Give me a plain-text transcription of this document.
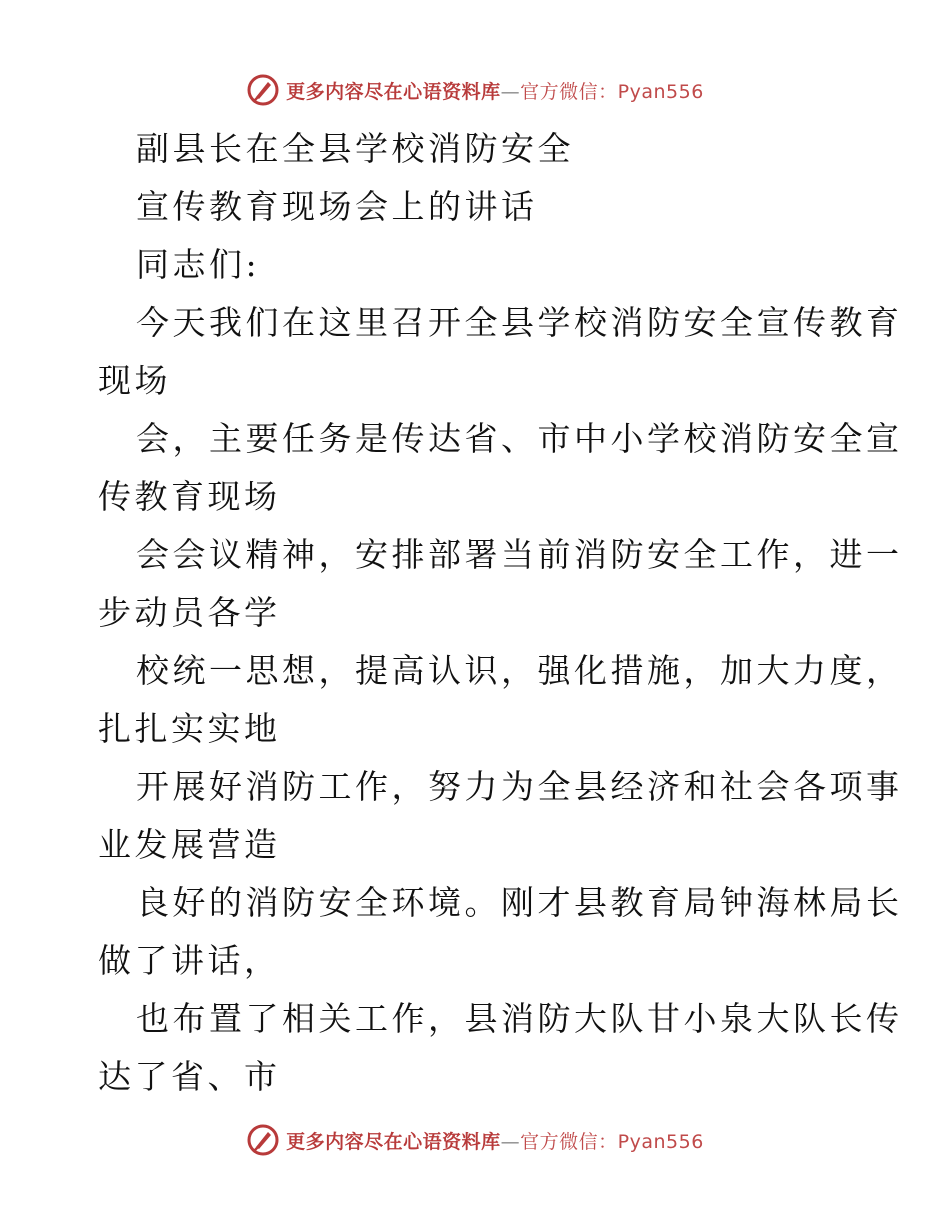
更多内容尽在心语资料库—官方微信：Pyan556

副县长在全县学校消防安全

宣传教育现场会上的讲话

同志们:

今天我们在这里召开全县学校消防安全宣传教育

现场

会，主要任务是传达省、市中小学校消防安全宣

传教育现场

会会议精神，安排部署当前消防安全工作，进一

步动员各学

校统一思想，提高认识，强化措施，加大力度，

扎扎实实地

开展好消防工作，努力为全县经济和社会各项事

业发展营造

良好的消防安全环境。刚才县教育局钟海林局长

做了讲话，

也布置了相关工作，县消防大队甘小泉大队长传

达了省、市

更多内容尽在心语资料库—官方微信：Pyan556
